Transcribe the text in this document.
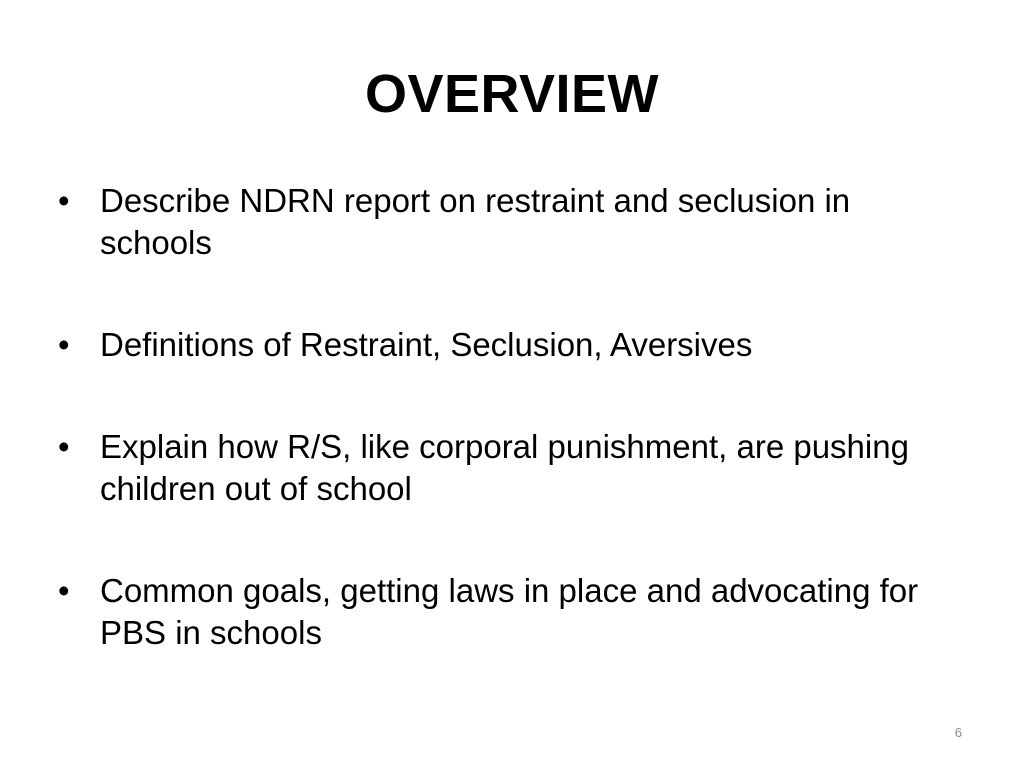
OVERVIEW
• Describe NDRN report on restraint and seclusion in schools
• Definitions of Restraint, Seclusion, Aversives
• Explain how R/S, like corporal punishment, are pushing children out of school
• Common goals, getting laws in place and advocating for PBS in schools
6
